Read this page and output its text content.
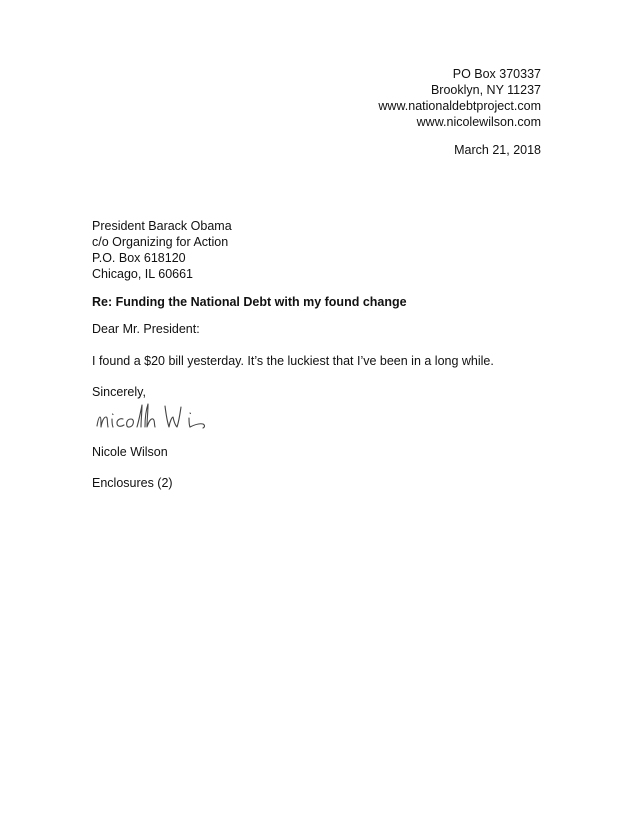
PO Box 370337
Brooklyn, NY 11237
www.nationaldebtproject.com
www.nicolewilson.com
March 21, 2018
President Barack Obama
c/o Organizing for Action
P.O. Box 618120
Chicago, IL 60661
Re: Funding the National Debt with my found change
Dear Mr. President:
I found a $20 bill yesterday. It’s the luckiest that I’ve been in a long while.
Sincerely,
Nicole Wilson
Enclosures (2)
